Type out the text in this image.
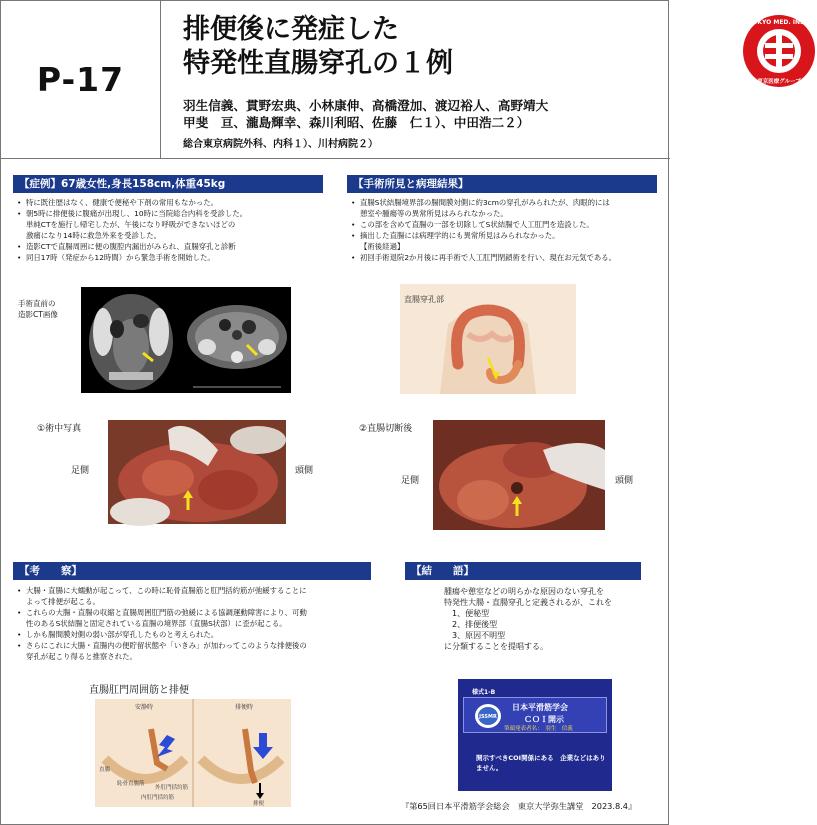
P-17
排便後に発症した
特発性直腸穿孔の１例
羽生信義、貫野宏典、小林康伸、高橋澄加、渡辺裕人、高野靖大
甲斐　亘、瀧島輝幸、森川利昭、佐藤　仁１）、中田浩二２）
総合東京病院外科、内科１）、川村病院２）
TOKYO MED. INST.
東京医療グループ
【症例】67歳女性,身長158cm,体重45kg
• 特に既往歴はなく、健康で便秘や下剤の常用もなかった。
• 朝5時に排便後に腹痛が出現し、10時に当院総合内科を受診した。
単純CTを施行し帰宅したが、午後になり呼吸ができないほどの
激痛になり14時に救急外来を受診した。
• 造影CTで直腸周囲に便の腹腔内漏出がみられ、直腸穿孔と診断
• 同日17時（発症から12時間）から緊急手術を開始した。
手術直前の
造影CT画像
【手術所見と病理結果】
• 直腸S状結腸境界部の腸間膜対側に約3cmの穿孔がみられたが、肉眼的には
憩室や腫瘍等の異常所見はみられなかった。
• この部を含めて直腸の一部を切除してS状結腸で人工肛門を造設した。
• 摘出した直腸には病理学的にも異常所見はみられなかった。
【術後経過】
• 初回手術退院2か月後に再手術で人工肛門閉鎖術を行い、現在お元気である。
直腸穿孔部
①術中写真
足側	頭側
②直腸切断後
足側	頭側
【考　　察】
• 大腸・直腸に大蠕動が起こって、この時に恥骨直腸筋と肛門括約筋が弛緩することに
よって排便が起こる。
• これらの大腸・直腸の収縮と直腸周囲肛門筋の弛緩による協調運動障害により、可動
性のあるS状結腸と固定されている直腸の境界部（直腸S状部）に歪が起こる。
• しかも腸間膜対側の弱い部が穿孔したものと考えられた。
• さらにこれに大腸・直腸内の便貯留状態や「いきみ」が加わってこのような排便後の
穿孔が起こり得ると推察された。
直腸肛門周囲筋と排便
安静時	排便時
直腸
恥骨直腸筋
外肛門括約筋
内肛門括約筋
排便
【結　　語】
腫瘍や憩室などの明らかな原因のない穿孔を
特発性大腸・直腸穿孔と定義されるが、これを
　1、便秘型
　2、排便後型
　3、原因不明型
に分類することを提唱する。
様式1-B
JSSMR
日本平滑筋学会
ＣＯＩ開示
筆頭発表者名：　羽生　信義
開示すべきCOI関係にある　企業などはありません。
『第65回日本平滑筋学会総会　東京大学弥生講堂　2023.8.4』
